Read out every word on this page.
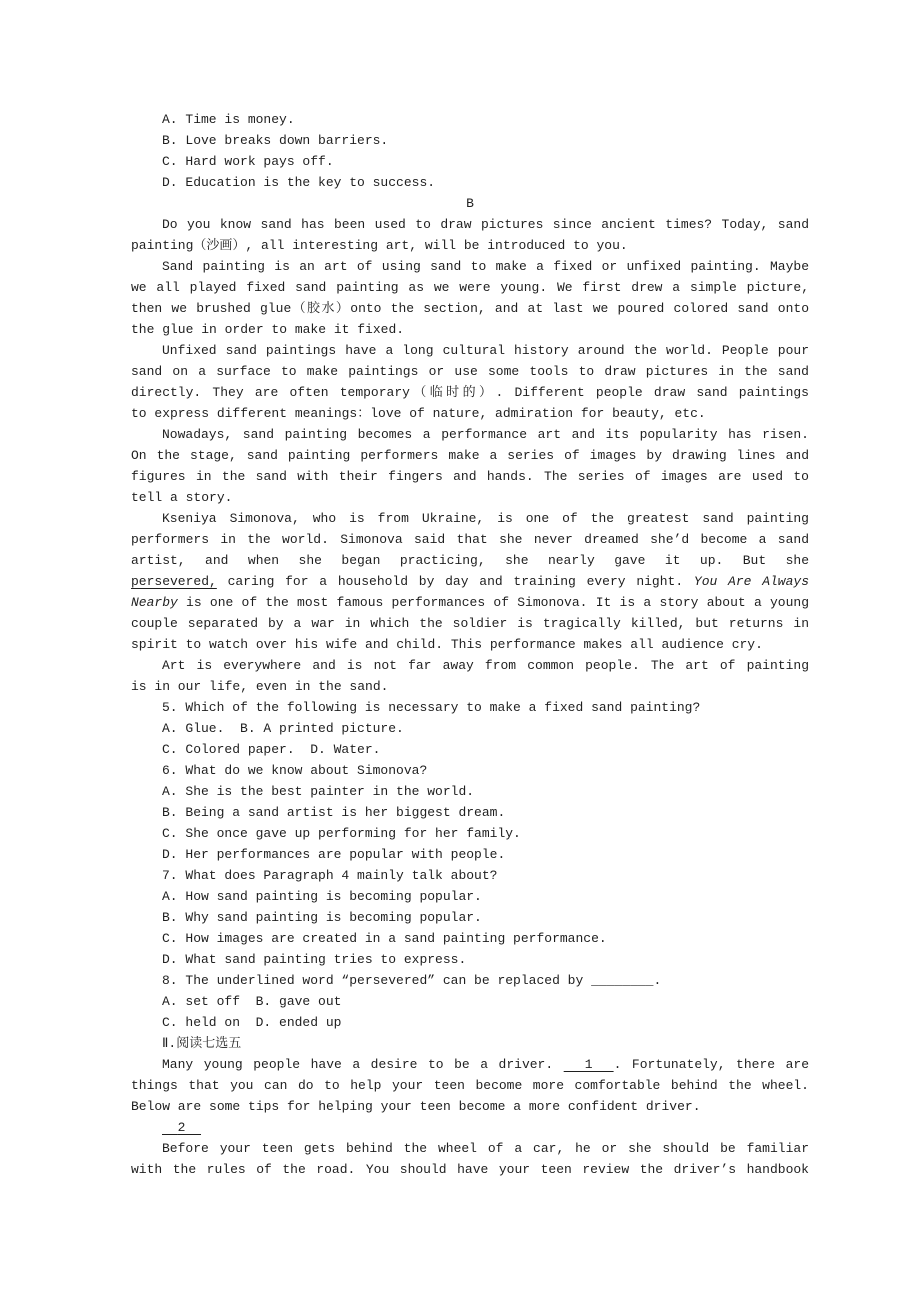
A. Time is money.
B. Love breaks down barriers.
C. Hard work pays off.
D. Education is the key to success.
B
Do you know sand has been used to draw pictures since ancient times? Today, sand
painting（沙画）, all interesting art, will be introduced to you.
Sand painting is an art of using sand to make a fixed or unfixed painting. Maybe
we all played fixed sand painting as we were young. We first drew a simple picture,
then we brushed glue（胶水）onto the section, and at last we poured colored sand onto
the glue in order to make it fixed.
Unfixed sand paintings have a long cultural history around the world. People pour
sand on a surface to make paintings or use some tools to draw pictures in the sand
directly. They are often temporary（临时的）. Different people draw sand paintings
to express different meanings：love of nature, admiration for beauty, etc.
Nowadays, sand painting becomes a performance art and its popularity has risen.
On the stage, sand painting performers make a series of images by drawing lines and
figures in the sand with their fingers and hands. The series of images are used to
tell a story.
Kseniya Simonova, who is from Ukraine, is one of the greatest sand painting
performers in the world. Simonova said that she never dreamed she’d become a sand
artist, and when she began practicing, she nearly gave it up. But she
persevered, caring for a household by day and training every night. You Are Always
Nearby is one of the most famous performances of Simonova. It is a story about a young
couple separated by a war in which the soldier is tragically killed, but returns in
spirit to watch over his wife and child. This performance makes all audience cry.
Art is everywhere and is not far away from common people. The art of painting
is in our life, even in the sand.
5. Which of the following is necessary to make a fixed sand painting?
A. Glue.  B. A printed picture.
C. Colored paper.  D. Water.
6. What do we know about Simonova?
A. She is the best painter in the world.
B. Being a sand artist is her biggest dream.
C. She once gave up performing for her family.
D. Her performances are popular with people.
7. What does Paragraph 4 mainly talk about?
A. How sand painting is becoming popular.
B. Why sand painting is becoming popular.
C. How images are created in a sand painting performance.
D. What sand painting tries to express.
8. The underlined word “persevered” can be replaced by ________.
A. set off  B. gave out
C. held on  D. ended up
Ⅱ.阅读七选五
Many young people have a desire to be a driver.   1  . Fortunately, there are
things that you can do to help your teen become more comfortable behind the wheel.
Below are some tips for helping your teen become a more confident driver.
2
Before your teen gets behind the wheel of a car, he or she should be familiar
with the rules of the road. You should have your teen review the driver’s handbook
